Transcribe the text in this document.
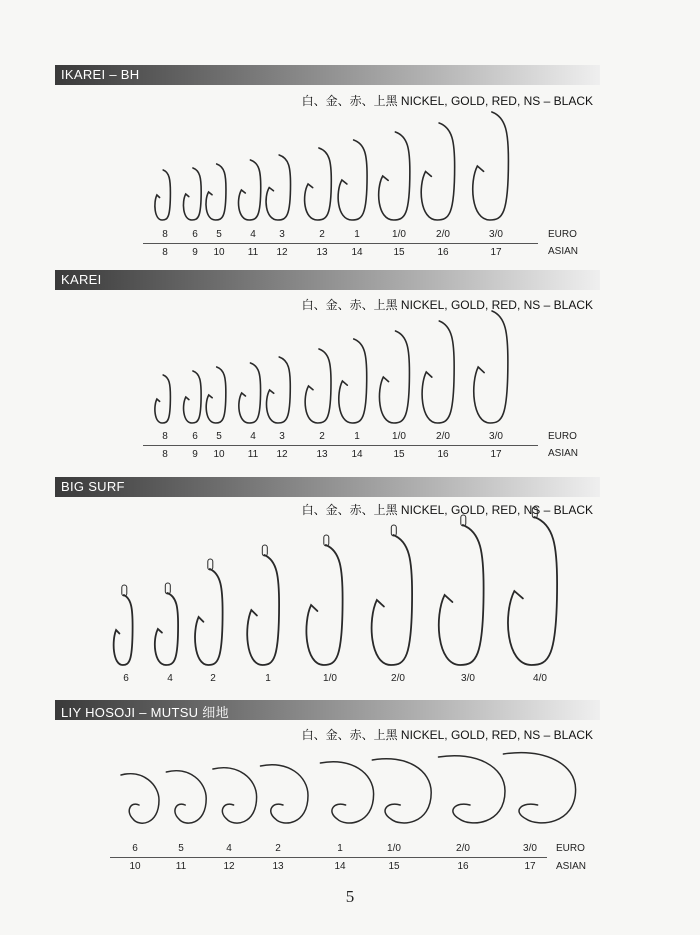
IKAREI – BH
白、金、赤、上黑 NICKEL, GOLD, RED, NS – BLACK
8 6 5	4 3	2	1	1/0	2/0	3/0
8 9 10 11 12	13 14	15	16	17
EURO
ASIAN
KAREI
白、金、赤、上黑 NICKEL, GOLD, RED, NS – BLACK
8 6 5	4 3	2	1	1/0	2/0	3/0
8 9 10 11 12	13 14	15	16	17
EURO
ASIAN
BIG SURF
白、金、赤、上黑 NICKEL, GOLD, RED, NS – BLACK
6	4	2	1	1/0	2/0	3/0	4/0
LIY HOSOJI – MUTSU 细地
白、金、赤、上黑 NICKEL, GOLD, RED, NS – BLACK
6	5	4	2	1	1/0	2/0	3/0
10	11	12	13	14	15	16	17
EURO
ASIAN
5
